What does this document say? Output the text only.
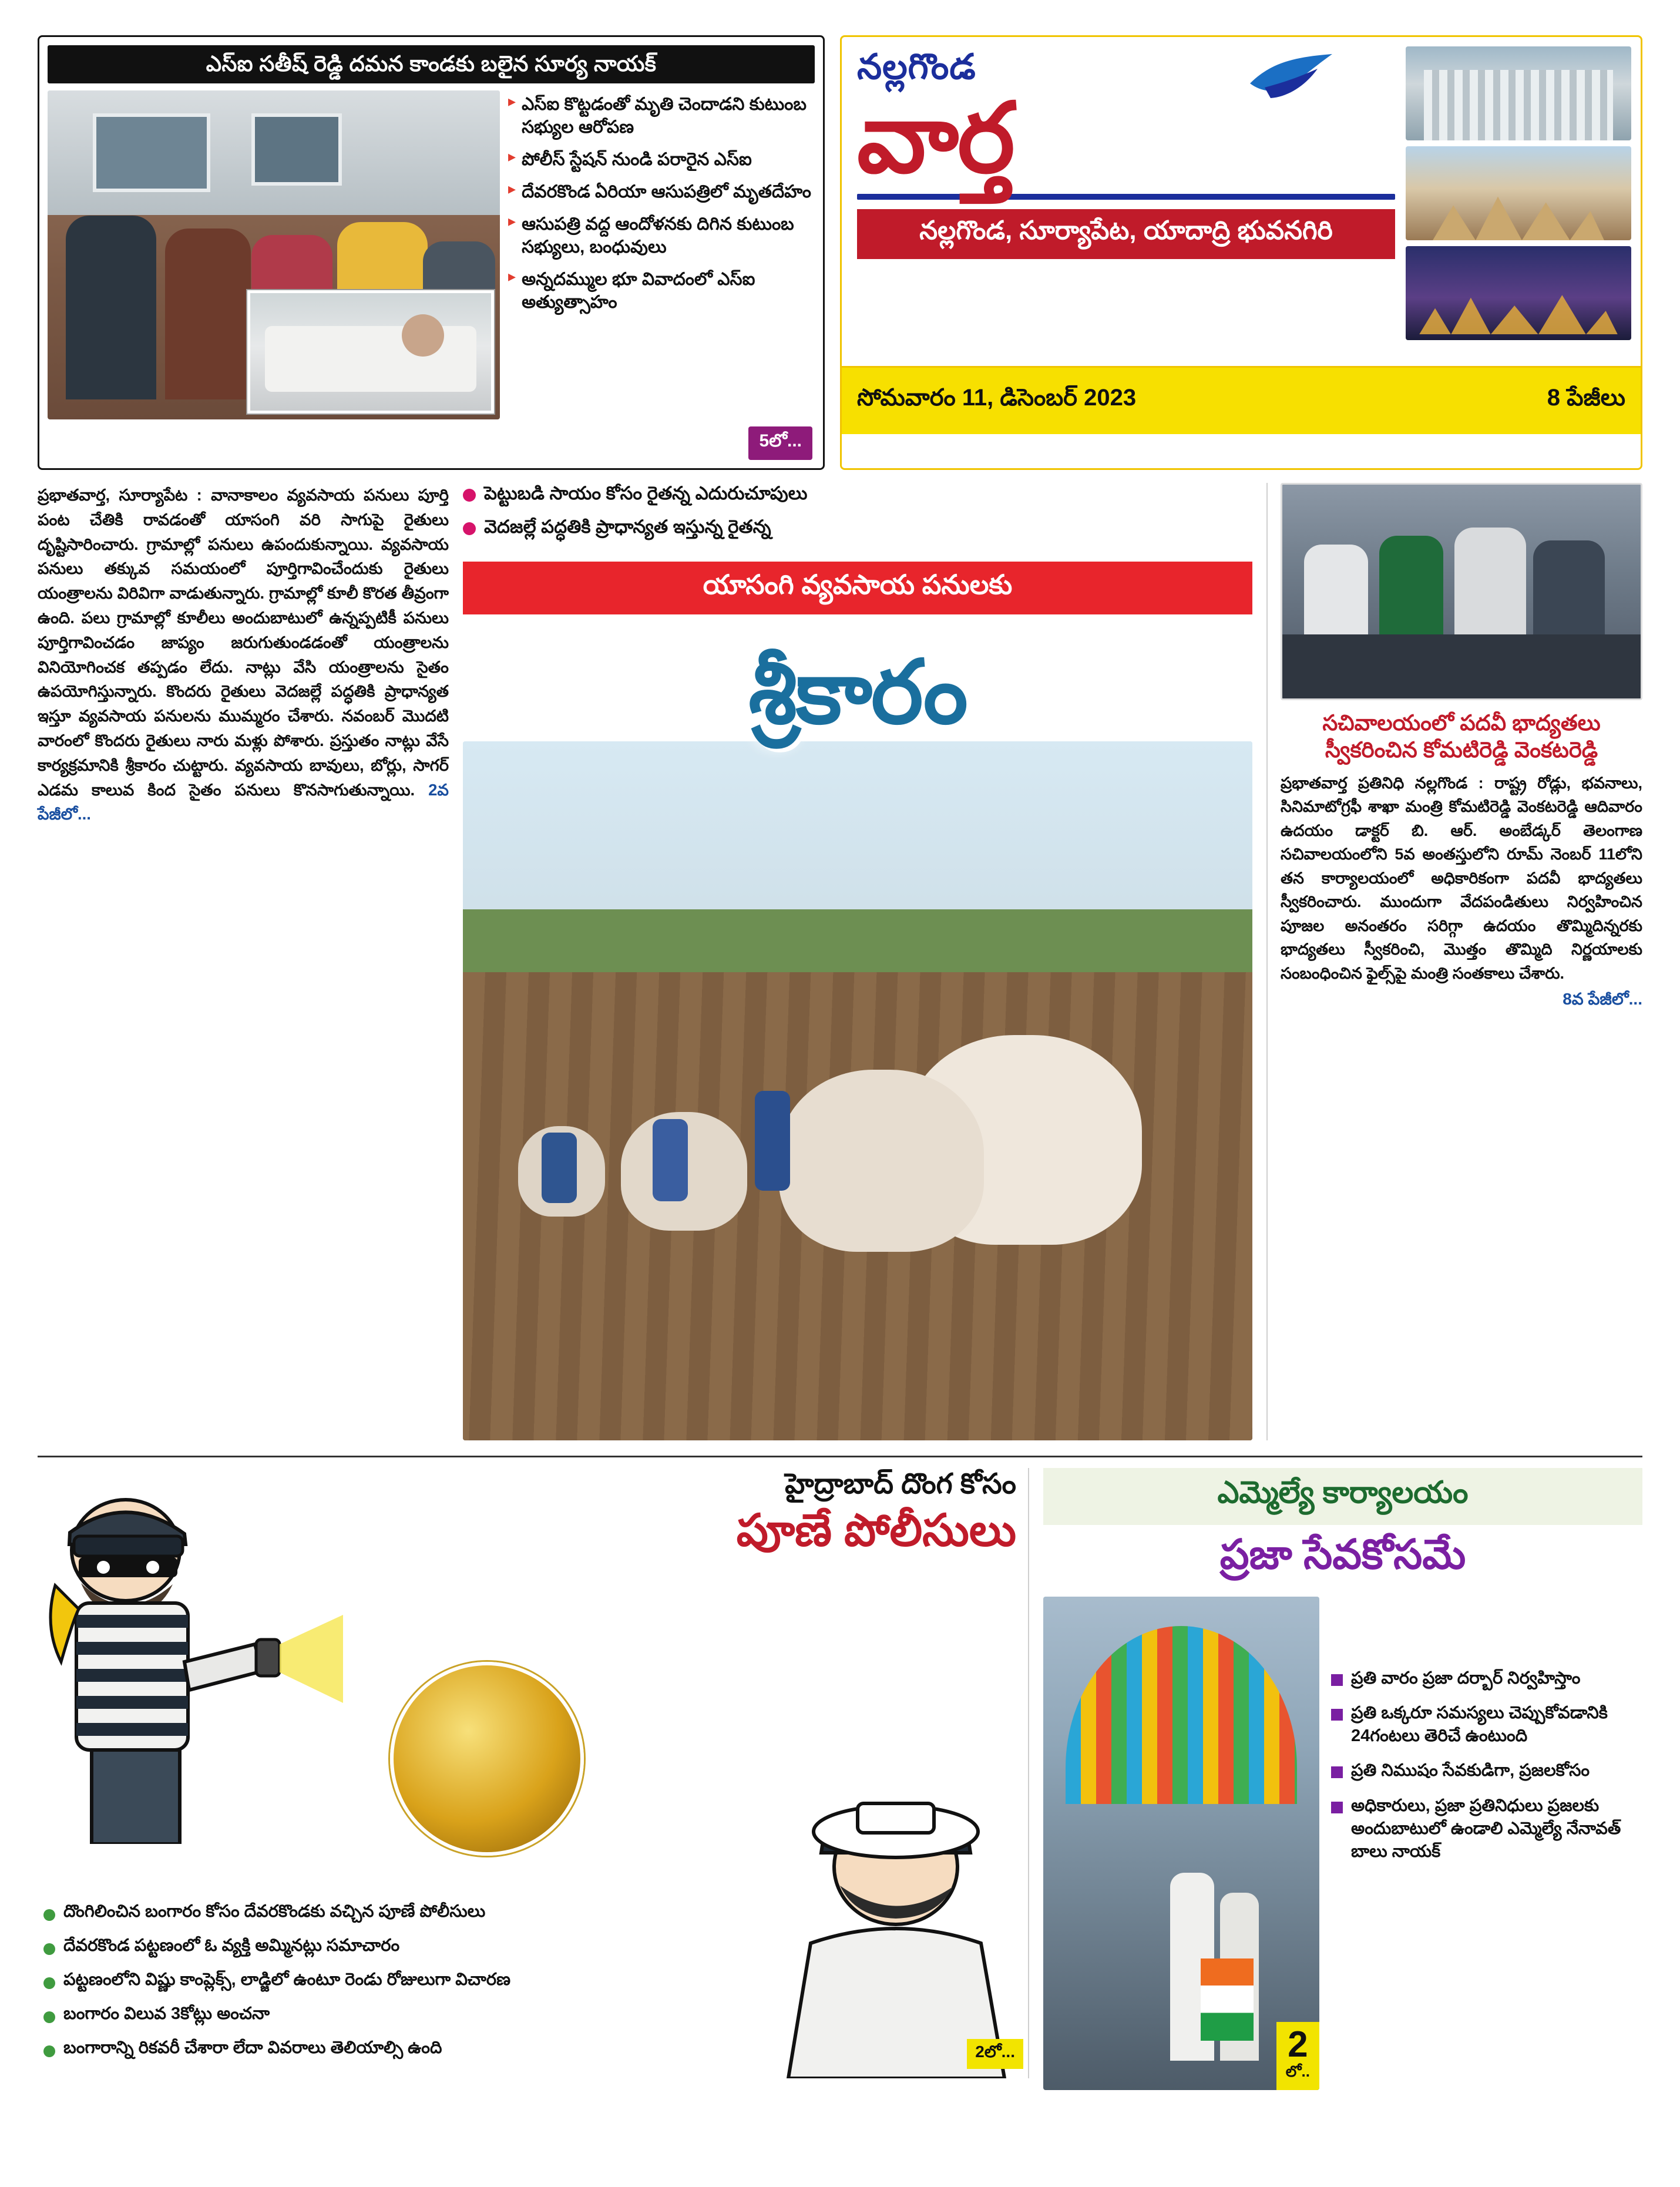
ఎస్ఐ సతీష్ రెడ్డి దమన కాండకు బలైన సూర్య నాయక్
▸ ఎస్ఐ కొట్టడంతో మృతి చెందాడని కుటుంబ సభ్యుల ఆరోపణ
▸ పోలీస్ స్టేషన్ నుండి పరారైన ఎస్ఐ
▸ దేవరకొండ ఏరియా ఆసుపత్రిలో మృతదేహం
▸ ఆసుపత్రి వద్ద ఆందోళనకు దిగిన కుటుంబ సభ్యులు, బంధువులు
▸ అన్నదమ్ముల భూ వివాదంలో ఎస్ఐ అత్యుత్సాహం
5లో...
నల్లగొండ
వార్త
నల్లగొండ, సూర్యాపేట, యాదాద్రి భువనగిరి
సోమవారం 11, డిసెంబర్ 2023	8 పేజీలు
ప్రభాతవార్త, సూర్యాపేట : వానాకాలం వ్యవసాయ పనులు పూర్తి పంట చేతికి రావడంతో యాసంగి వరి సాగుపై రైతులు దృష్టిసారించారు. గ్రామాల్లో పనులు ఉపందుకున్నాయి. వ్యవసాయ పనులు తక్కువ సమయంలో పూర్తిగావించేందుకు రైతులు యంత్రాలను విరివిగా వాడుతున్నారు. గ్రామాల్లో కూలీ కొరత తీవ్రంగా ఉంది. పలు గ్రామాల్లో కూలీలు అందుబాటులో ఉన్నప్పటికీ పనులు పూర్తిగావించడం జాప్యం జరుగుతుండడంతో యంత్రాలను వినియోగించక తప్పడం లేదు. నాట్లు వేసి యంత్రాలను సైతం ఉపయోగిస్తున్నారు. కొందరు రైతులు వెదజల్లే పద్ధతికి ప్రాధాన్యత ఇస్తూ వ్యవసాయ పనులను ముమ్మరం చేశారు. నవంబర్ మొదటి వారంలో కొందరు రైతులు నారు మళ్లు పోశారు. ప్రస్తుతం నాట్లు వేసే కార్యక్రమానికి శ్రీకారం చుట్టారు. వ్యవసాయ బావులు, బోర్లు, సాగర్ ఎడమ కాలువ కింద సైతం పనులు కొనసాగుతున్నాయి. 2వ పేజీలో...
పెట్టుబడి సాయం కోసం రైతన్న ఎదురుచూపులు
వెదజల్లే పద్ధతికి ప్రాధాన్యత ఇస్తున్న రైతన్న
యాసంగి వ్యవసాయ పనులకు
శ్రీకారం	సచివాలయంలో పదవీ భాద్యతలు స్వీకరించిన కోమటిరెడ్డి వెంకటరెడ్డి
ప్రభాతవార్త ప్రతినిధి నల్లగొండ : రాష్ట్ర రోడ్లు, భవనాలు, సినిమాటోగ్రఫీ శాఖా మంత్రి కోమటిరెడ్డి వెంకటరెడ్డి ఆదివారం ఉదయం డాక్టర్ బి. ఆర్. అంబేడ్కర్ తెలంగాణ సచివాలయంలోని 5వ అంతస్తులోని రూమ్ నెంబర్ 11లోని తన కార్యాలయంలో అధికారికంగా పదవీ భాద్యతలు స్వీకరించారు. ముందుగా వేదపండితులు నిర్వహించిన పూజల అనంతరం సరిగ్గా ఉదయం తొమ్మిదిన్నరకు భాద్యతలు స్వీకరించి, మొత్తం తొమ్మిది నిర్ణయాలకు సంబంధించిన ఫైల్స్‌పై మంత్రి సంతకాలు చేశారు.
8వ పేజీలో...
హైద్రాబాద్ దొంగ కోసం
పూణే పోలీసులు
దొంగిలించిన బంగారం కోసం దేవరకొండకు వచ్చిన పూణే పోలీసులు
దేవరకొండ పట్టణంలో ఓ వ్యక్తి అమ్మినట్లు సమాచారం
పట్టణంలోని విష్ణు కాంప్లెక్స్, లాడ్జిలో ఉంటూ రెండు రోజులుగా విచారణ
బంగారం విలువ 3కోట్లు అంచనా
బంగారాన్ని రికవరీ చేశారా లేదా వివరాలు తెలియాల్సి ఉంది	2లో...
ఎమ్మెల్యే కార్యాలయం
ప్రజా సేవకోసమే
2
లో..
ప్రతి వారం ప్రజా దర్బార్ నిర్వహిస్తాం
ప్రతి ఒక్కరూ సమస్యలు చెప్పుకోవడానికి 24గంటలు తెరిచే ఉంటుంది
ప్రతి నిముషం సేవకుడిగా, ప్రజలకోసం
అధికారులు, ప్రజా ప్రతినిధులు ప్రజలకు అందుబాటులో ఉండాలి ఎమ్మెల్యే నేనావత్ బాలు నాయక్
